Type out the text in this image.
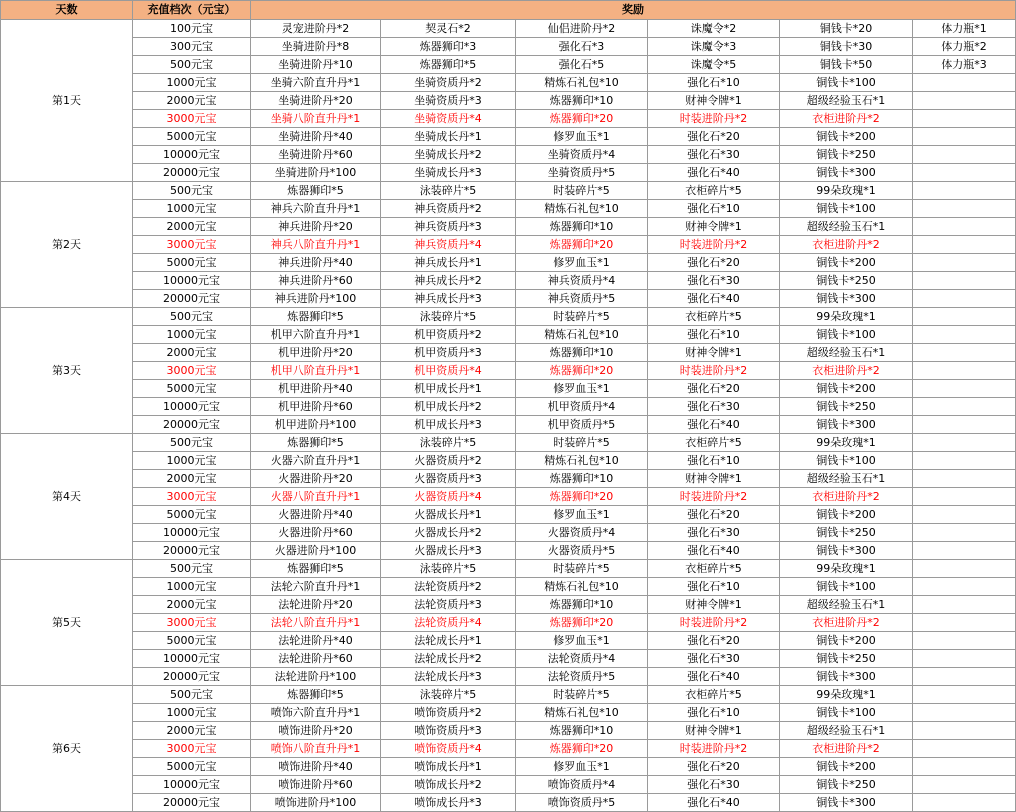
天数	充值档次（元宝）	奖励					
第1天	100元宝	灵宠进阶丹*2	契灵石*2	仙侣进阶丹*2	诛魔令*2	铜钱卡*20	体力瓶*1
	300元宝	坐骑进阶丹*8	炼器狮印*3	强化石*3	诛魔令*3	铜钱卡*30	体力瓶*2
	500元宝	坐骑进阶丹*10	炼器狮印*5	强化石*5	诛魔令*5	铜钱卡*50	体力瓶*3
	1000元宝	坐骑六阶直升丹*1	坐骑资质丹*2	精炼石礼包*10	强化石*10	铜钱卡*100	
	2000元宝	坐骑进阶丹*20	坐骑资质丹*3	炼器狮印*10	财神令牌*1	超级经验玉石*1	
	3000元宝	坐骑八阶直升丹*1	坐骑资质丹*4	炼器狮印*20	时装进阶丹*2	衣柜进阶丹*2	
	5000元宝	坐骑进阶丹*40	坐骑成长丹*1	修罗血玉*1	强化石*20	铜钱卡*200	
	10000元宝	坐骑进阶丹*60	坐骑成长丹*2	坐骑资质丹*4	强化石*30	铜钱卡*250	
	20000元宝	坐骑进阶丹*100	坐骑成长丹*3	坐骑资质丹*5	强化石*40	铜钱卡*300	
第2天	500元宝	炼器狮印*5	泳装碎片*5	时装碎片*5	衣柜碎片*5	99朵玫瑰*1	
	1000元宝	神兵六阶直升丹*1	神兵资质丹*2	精炼石礼包*10	强化石*10	铜钱卡*100	
	2000元宝	神兵进阶丹*20	神兵资质丹*3	炼器狮印*10	财神令牌*1	超级经验玉石*1	
	3000元宝	神兵八阶直升丹*1	神兵资质丹*4	炼器狮印*20	时装进阶丹*2	衣柜进阶丹*2	
	5000元宝	神兵进阶丹*40	神兵成长丹*1	修罗血玉*1	强化石*20	铜钱卡*200	
	10000元宝	神兵进阶丹*60	神兵成长丹*2	神兵资质丹*4	强化石*30	铜钱卡*250	
	20000元宝	神兵进阶丹*100	神兵成长丹*3	神兵资质丹*5	强化石*40	铜钱卡*300	
第3天	500元宝	炼器狮印*5	泳装碎片*5	时装碎片*5	衣柜碎片*5	99朵玫瑰*1	
	1000元宝	机甲六阶直升丹*1	机甲资质丹*2	精炼石礼包*10	强化石*10	铜钱卡*100	
	2000元宝	机甲进阶丹*20	机甲资质丹*3	炼器狮印*10	财神令牌*1	超级经验玉石*1	
	3000元宝	机甲八阶直升丹*1	机甲资质丹*4	炼器狮印*20	时装进阶丹*2	衣柜进阶丹*2	
	5000元宝	机甲进阶丹*40	机甲成长丹*1	修罗血玉*1	强化石*20	铜钱卡*200	
	10000元宝	机甲进阶丹*60	机甲成长丹*2	机甲资质丹*4	强化石*30	铜钱卡*250	
	20000元宝	机甲进阶丹*100	机甲成长丹*3	机甲资质丹*5	强化石*40	铜钱卡*300	
第4天	500元宝	炼器狮印*5	泳装碎片*5	时装碎片*5	衣柜碎片*5	99朵玫瑰*1	
	1000元宝	火器六阶直升丹*1	火器资质丹*2	精炼石礼包*10	强化石*10	铜钱卡*100	
	2000元宝	火器进阶丹*20	火器资质丹*3	炼器狮印*10	财神令牌*1	超级经验玉石*1	
	3000元宝	火器八阶直升丹*1	火器资质丹*4	炼器狮印*20	时装进阶丹*2	衣柜进阶丹*2	
	5000元宝	火器进阶丹*40	火器成长丹*1	修罗血玉*1	强化石*20	铜钱卡*200	
	10000元宝	火器进阶丹*60	火器成长丹*2	火器资质丹*4	强化石*30	铜钱卡*250	
	20000元宝	火器进阶丹*100	火器成长丹*3	火器资质丹*5	强化石*40	铜钱卡*300	
第5天	500元宝	炼器狮印*5	泳装碎片*5	时装碎片*5	衣柜碎片*5	99朵玫瑰*1	
	1000元宝	法轮六阶直升丹*1	法轮资质丹*2	精炼石礼包*10	强化石*10	铜钱卡*100	
	2000元宝	法轮进阶丹*20	法轮资质丹*3	炼器狮印*10	财神令牌*1	超级经验玉石*1	
	3000元宝	法轮八阶直升丹*1	法轮资质丹*4	炼器狮印*20	时装进阶丹*2	衣柜进阶丹*2	
	5000元宝	法轮进阶丹*40	法轮成长丹*1	修罗血玉*1	强化石*20	铜钱卡*200	
	10000元宝	法轮进阶丹*60	法轮成长丹*2	法轮资质丹*4	强化石*30	铜钱卡*250	
	20000元宝	法轮进阶丹*100	法轮成长丹*3	法轮资质丹*5	强化石*40	铜钱卡*300	
第6天	500元宝	炼器狮印*5	泳装碎片*5	时装碎片*5	衣柜碎片*5	99朵玫瑰*1	
	1000元宝	喷饰六阶直升丹*1	喷饰资质丹*2	精炼石礼包*10	强化石*10	铜钱卡*100	
	2000元宝	喷饰进阶丹*20	喷饰资质丹*3	炼器狮印*10	财神令牌*1	超级经验玉石*1	
	3000元宝	喷饰八阶直升丹*1	喷饰资质丹*4	炼器狮印*20	时装进阶丹*2	衣柜进阶丹*2	
	5000元宝	喷饰进阶丹*40	喷饰成长丹*1	修罗血玉*1	强化石*20	铜钱卡*200	
	10000元宝	喷饰进阶丹*60	喷饰成长丹*2	喷饰资质丹*4	强化石*30	铜钱卡*250	
	20000元宝	喷饰进阶丹*100	喷饰成长丹*3	喷饰资质丹*5	强化石*40	铜钱卡*300	
